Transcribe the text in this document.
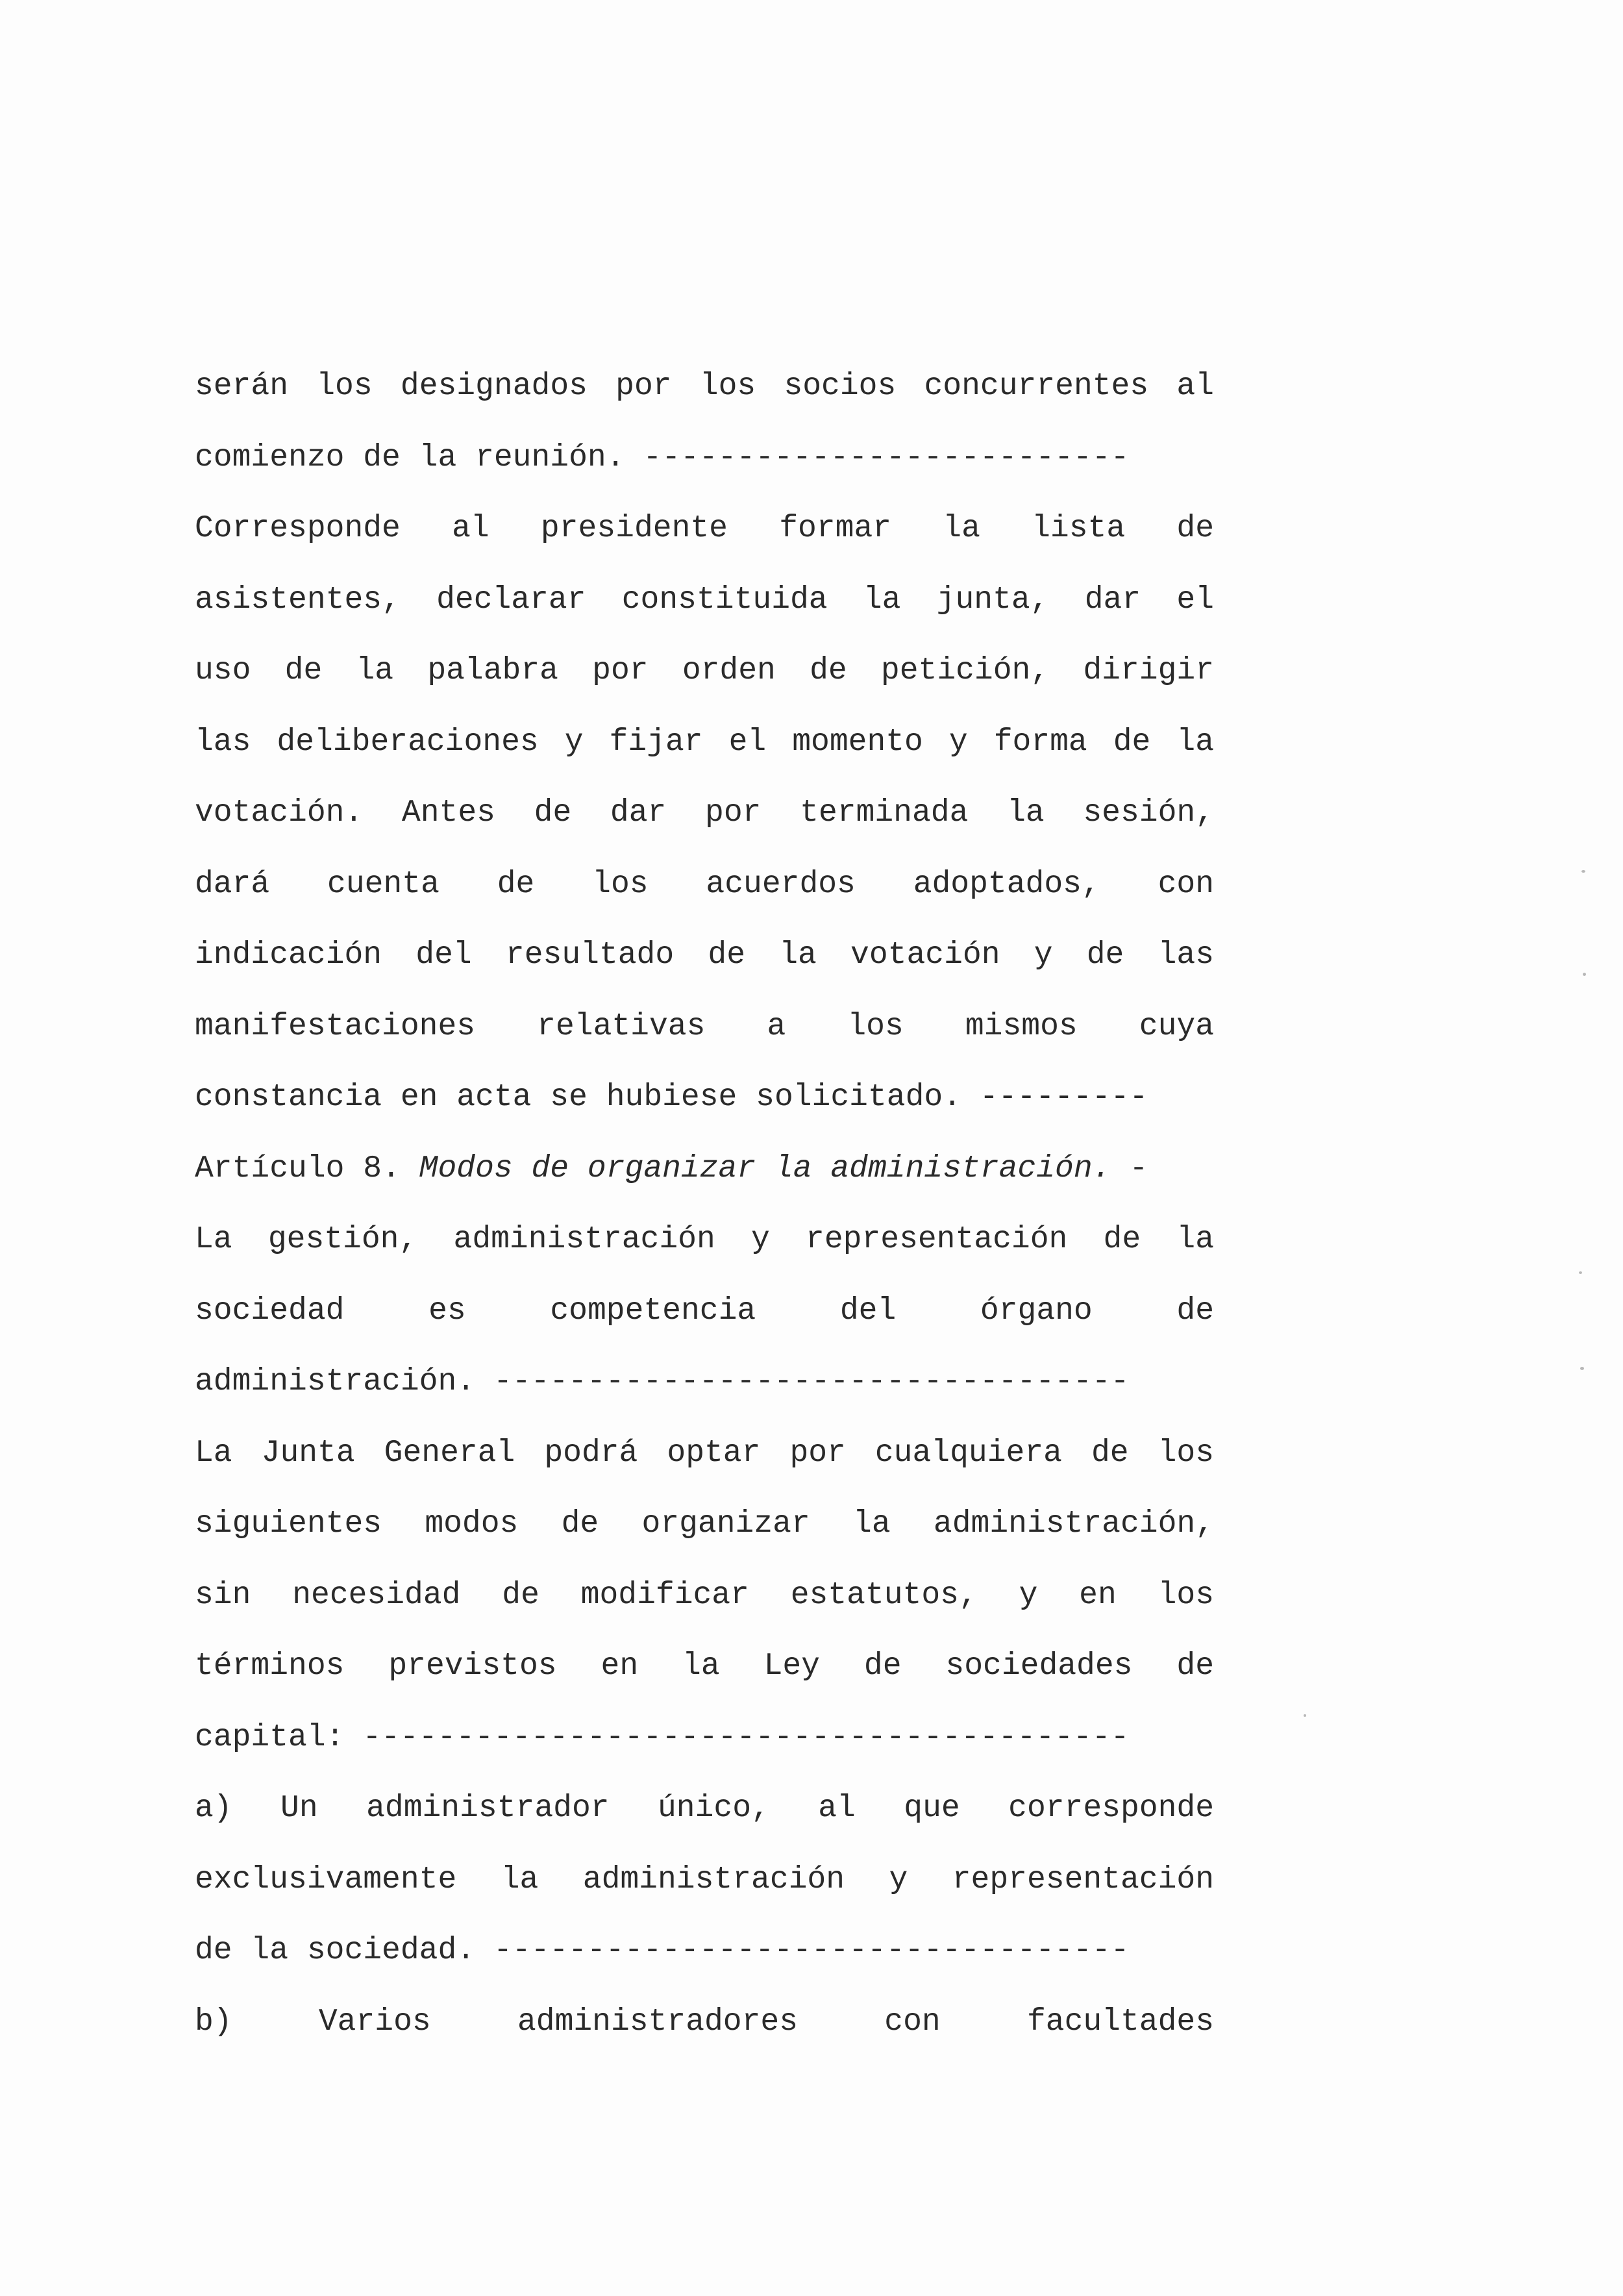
serán los designados por los socios concurrentes al
comienzo de la reunión. --------------------------
Corresponde al presidente formar la lista de
asistentes, declarar constituida la junta, dar el
uso de la palabra por orden de petición, dirigir
las deliberaciones y fijar el momento y forma de la
votación. Antes de dar por terminada la sesión,
dará cuenta de los acuerdos adoptados, con
indicación del resultado de la votación y de las
manifestaciones relativas a los mismos cuya
constancia en acta se hubiese solicitado. ---------
Artículo 8.
Modos de organizar la administración. -
La gestión, administración y representación de la
sociedad es competencia del órgano de
administración. ----------------------------------
La Junta General podrá optar por cualquiera de los
siguientes modos de organizar la administración,
sin necesidad de modificar estatutos, y en los
términos previstos en la Ley de sociedades de
capital: -----------------------------------------
a) Un administrador único, al que corresponde
exclusivamente la administración y representación
de la sociedad. ----------------------------------
b) Varios administradores con facultades
